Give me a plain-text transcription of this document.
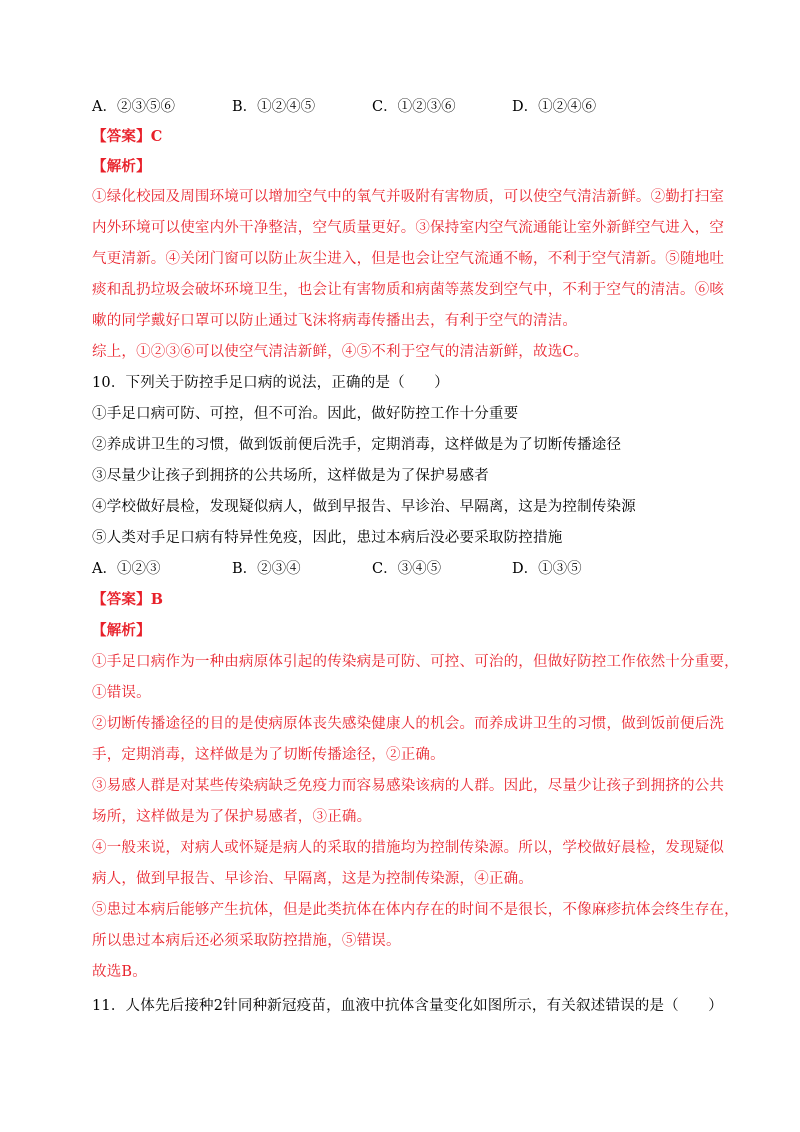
A．②③⑤⑥	B．①②④⑤	C．①②③⑥	D．①②④⑥
【答案】C
【解析】
①绿化校园及周围环境可以增加空气中的氧气并吸附有害物质，可以使空气清洁新鲜。②勤打扫室
内外环境可以使室内外干净整洁，空气质量更好。③保持室内空气流通能让室外新鲜空气进入，空
气更清新。④关闭门窗可以防止灰尘进入，但是也会让空气流通不畅，不利于空气清新。⑤随地吐
痰和乱扔垃圾会破坏环境卫生，也会让有害物质和病菌等蒸发到空气中，不利于空气的清洁。⑥咳
嗽的同学戴好口罩可以防止通过飞沫将病毒传播出去，有利于空气的清洁。
综上，①②③⑥可以使空气清洁新鲜，④⑤不利于空气的清洁新鲜，故选C。
10．下列关于防控手足口病的说法，正确的是（　　）
①手足口病可防、可控，但不可治。因此，做好防控工作十分重要
②养成讲卫生的习惯，做到饭前便后洗手，定期消毒，这样做是为了切断传播途径
③尽量少让孩子到拥挤的公共场所，这样做是为了保护易感者
④学校做好晨检，发现疑似病人，做到早报告、早诊治、早隔离，这是为控制传染源
⑤人类对手足口病有特异性免疫，因此，患过本病后没必要采取防控措施
A．①②③	B．②③④	C．③④⑤	D．①③⑤
【答案】B
【解析】
①手足口病作为一种由病原体引起的传染病是可防、可控、可治的，但做好防控工作依然十分重要，
①错误。
②切断传播途径的目的是使病原体丧失感染健康人的机会。而养成讲卫生的习惯，做到饭前便后洗
手，定期消毒，这样做是为了切断传播途径，②正确。
③易感人群是对某些传染病缺乏免疫力而容易感染该病的人群。因此，尽量少让孩子到拥挤的公共
场所，这样做是为了保护易感者，③正确。
④一般来说，对病人或怀疑是病人的采取的措施均为控制传染源。所以，学校做好晨检，发现疑似
病人，做到早报告、早诊治、早隔离，这是为控制传染源，④正确。
⑤患过本病后能够产生抗体，但是此类抗体在体内存在的时间不是很长，不像麻疹抗体会终生存在，
所以患过本病后还必须采取防控措施，⑤错误。
故选B。
11．人体先后接种2针同种新冠疫苗，血液中抗体含量变化如图所示，有关叙述错误的是（　　）
